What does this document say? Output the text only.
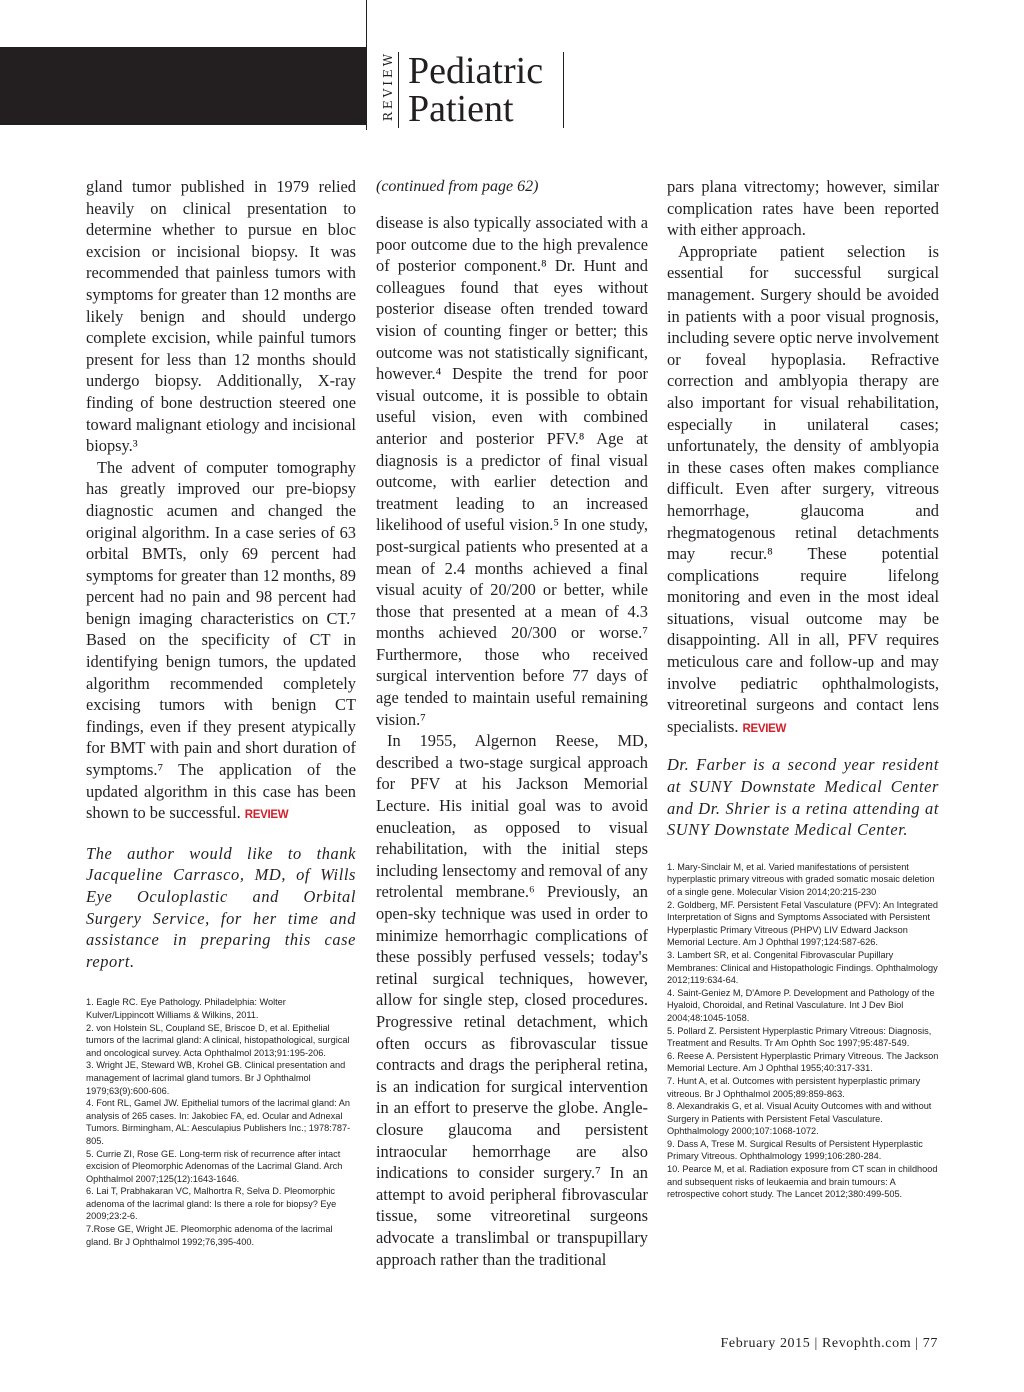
REVIEW Pediatric
Patient

gland tumor published in 1979 relied heavily on clinical presentation to determine whether to pursue en bloc excision or incisional biopsy. It was recommended that painless tumors with symptoms for greater than 12 months are likely benign and should undergo complete excision, while painful tumors present for less than 12 months should undergo biopsy. Additionally, X-ray finding of bone destruction steered one toward malignant etiology and incisional biopsy.³

The advent of computer tomography has greatly improved our pre-biopsy diagnostic acumen and changed the original algorithm. In a case series of 63 orbital BMTs, only 69 percent had symptoms for greater than 12 months, 89 percent had no pain and 98 percent had benign imaging characteristics on CT.⁷ Based on the specificity of CT in identifying benign tumors, the updated algorithm recommended completely excising tumors with benign CT findings, even if they present atypically for BMT with pain and short duration of symptoms.⁷ The application of the updated algorithm in this case has been shown to be successful. REVIEW

The author would like to thank Jacqueline Carrasco, MD, of Wills Eye Oculoplastic and Orbital Surgery Service, for her time and assistance in preparing this case report.

1. Eagle RC. Eye Pathology. Philadelphia: Wolter Kulver/Lippincott Williams & Wilkins, 2011.
2. von Holstein SL, Coupland SE, Briscoe D, et al. Epithelial tumors of the lacrimal gland: A clinical, histopathological, surgical and oncological survey. Acta Ophthalmol 2013;91:195-206.
3. Wright JE, Steward WB, Krohel GB. Clinical presentation and management of lacrimal gland tumors. Br J Ophthalmol 1979;63(9):600-606.
4. Font RL, Gamel JW. Epithelial tumors of the lacrimal gland: An analysis of 265 cases. In: Jakobiec FA, ed. Ocular and Adnexal Tumors. Birmingham, AL: Aesculapius Publishers Inc.; 1978:787-805.
5. Currie ZI, Rose GE. Long-term risk of recurrence after intact excision of Pleomorphic Adenomas of the Lacrimal Gland. Arch Ophthalmol 2007;125(12):1643-1646.
6. Lai T, Prabhakaran VC, Malhortra R, Selva D. Pleomorphic adenoma of the lacrimal gland: Is there a role for biopsy? Eye 2009;23:2-6.
7.Rose GE, Wright JE. Pleomorphic adenoma of the lacrimal gland. Br J Ophthalmol 1992;76,395-400.

(continued from page 62)

disease is also typically associated with a poor outcome due to the high prevalence of posterior component.⁸ Dr. Hunt and colleagues found that eyes without posterior disease often trended toward vision of counting finger or better; this outcome was not statistically significant, however.⁴ Despite the trend for poor visual outcome, it is possible to obtain useful vision, even with combined anterior and posterior PFV.⁸ Age at diagnosis is a predictor of final visual outcome, with earlier detection and treatment leading to an increased likelihood of useful vision.⁵ In one study, post-surgical patients who presented at a mean of 2.4 months achieved a final visual acuity of 20/200 or better, while those that presented at a mean of 4.3 months achieved 20/300 or worse.⁷ Furthermore, those who received surgical intervention before 77 days of age tended to maintain useful remaining vision.⁷

In 1955, Algernon Reese, MD, described a two-stage surgical approach for PFV at his Jackson Memorial Lecture. His initial goal was to avoid enucleation, as opposed to visual rehabilitation, with the initial steps including lensectomy and removal of any retrolental membrane.⁶ Previously, an open-sky technique was used in order to minimize hemorrhagic complications of these possibly perfused vessels; today's retinal surgical techniques, however, allow for single step, closed procedures. Progressive retinal detachment, which often occurs as fibrovascular tissue contracts and drags the peripheral retina, is an indication for surgical intervention in an effort to preserve the globe. Angle-closure glaucoma and persistent intraocular hemorrhage are also indications to consider surgery.⁷ In an attempt to avoid peripheral fibrovascular tissue, some vitreoretinal surgeons advocate a translimbal or transpupillary approach rather than the traditional

pars plana vitrectomy; however, similar complication rates have been reported with either approach.

Appropriate patient selection is essential for successful surgical management. Surgery should be avoided in patients with a poor visual prognosis, including severe optic nerve involvement or foveal hypoplasia. Refractive correction and amblyopia therapy are also important for visual rehabilitation, especially in unilateral cases; unfortunately, the density of amblyopia in these cases often makes compliance difficult. Even after surgery, vitreous hemorrhage, glaucoma and rhegmatogenous retinal detachments may recur.⁸ These potential complications require lifelong monitoring and even in the most ideal situations, visual outcome may be disappointing. All in all, PFV requires meticulous care and follow-up and may involve pediatric ophthalmologists, vitreoretinal surgeons and contact lens specialists. REVIEW

Dr. Farber is a second year resident at SUNY Downstate Medical Center and Dr. Shrier is a retina attending at SUNY Downstate Medical Center.

1. Mary-Sinclair M, et al. Varied manifestations of persistent hyperplastic primary vitreous with graded somatic mosaic deletion of a single gene. Molecular Vision 2014;20:215-230
2. Goldberg, MF. Persistent Fetal Vasculature (PFV): An Integrated Interpretation of Signs and Symptoms Associated with Persistent Hyperplastic Primary Vitreous (PHPV) LIV Edward Jackson Memorial Lecture. Am J Ophthal 1997;124:587-626.
3. Lambert SR, et al. Congenital Fibrovascular Pupillary Membranes: Clinical and Histopathologic Findings. Ophthalmology 2012;119:634-64.
4. Saint-Geniez M, D'Amore P. Development and Pathology of the Hyaloid, Choroidal, and Retinal Vasculature. Int J Dev Biol 2004;48:1045-1058.
5. Pollard Z. Persistent Hyperplastic Primary Vitreous: Diagnosis, Treatment and Results. Tr Am Ophth Soc 1997;95:487-549.
6. Reese A. Persistent Hyperplastic Primary Vitreous. The Jackson Memorial Lecture. Am J Ophthal 1955;40:317-331.
7. Hunt A, et al. Outcomes with persistent hyperplastic primary vitreous. Br J Ophthalmol 2005;89:859-863.
8. Alexandrakis G, et al. Visual Acuity Outcomes with and without Surgery in Patients with Persistent Fetal Vasculature. Ophthalmology 2000;107:1068-1072.
9. Dass A, Trese M. Surgical Results of Persistent Hyperplastic Primary Vitreous. Ophthalmology 1999;106:280-284.
10. Pearce M, et al. Radiation exposure from CT scan in childhood and subsequent risks of leukaemia and brain tumours: A retrospective cohort study. The Lancet 2012;380:499-505.
February 2015 | Revophth.com | 77
